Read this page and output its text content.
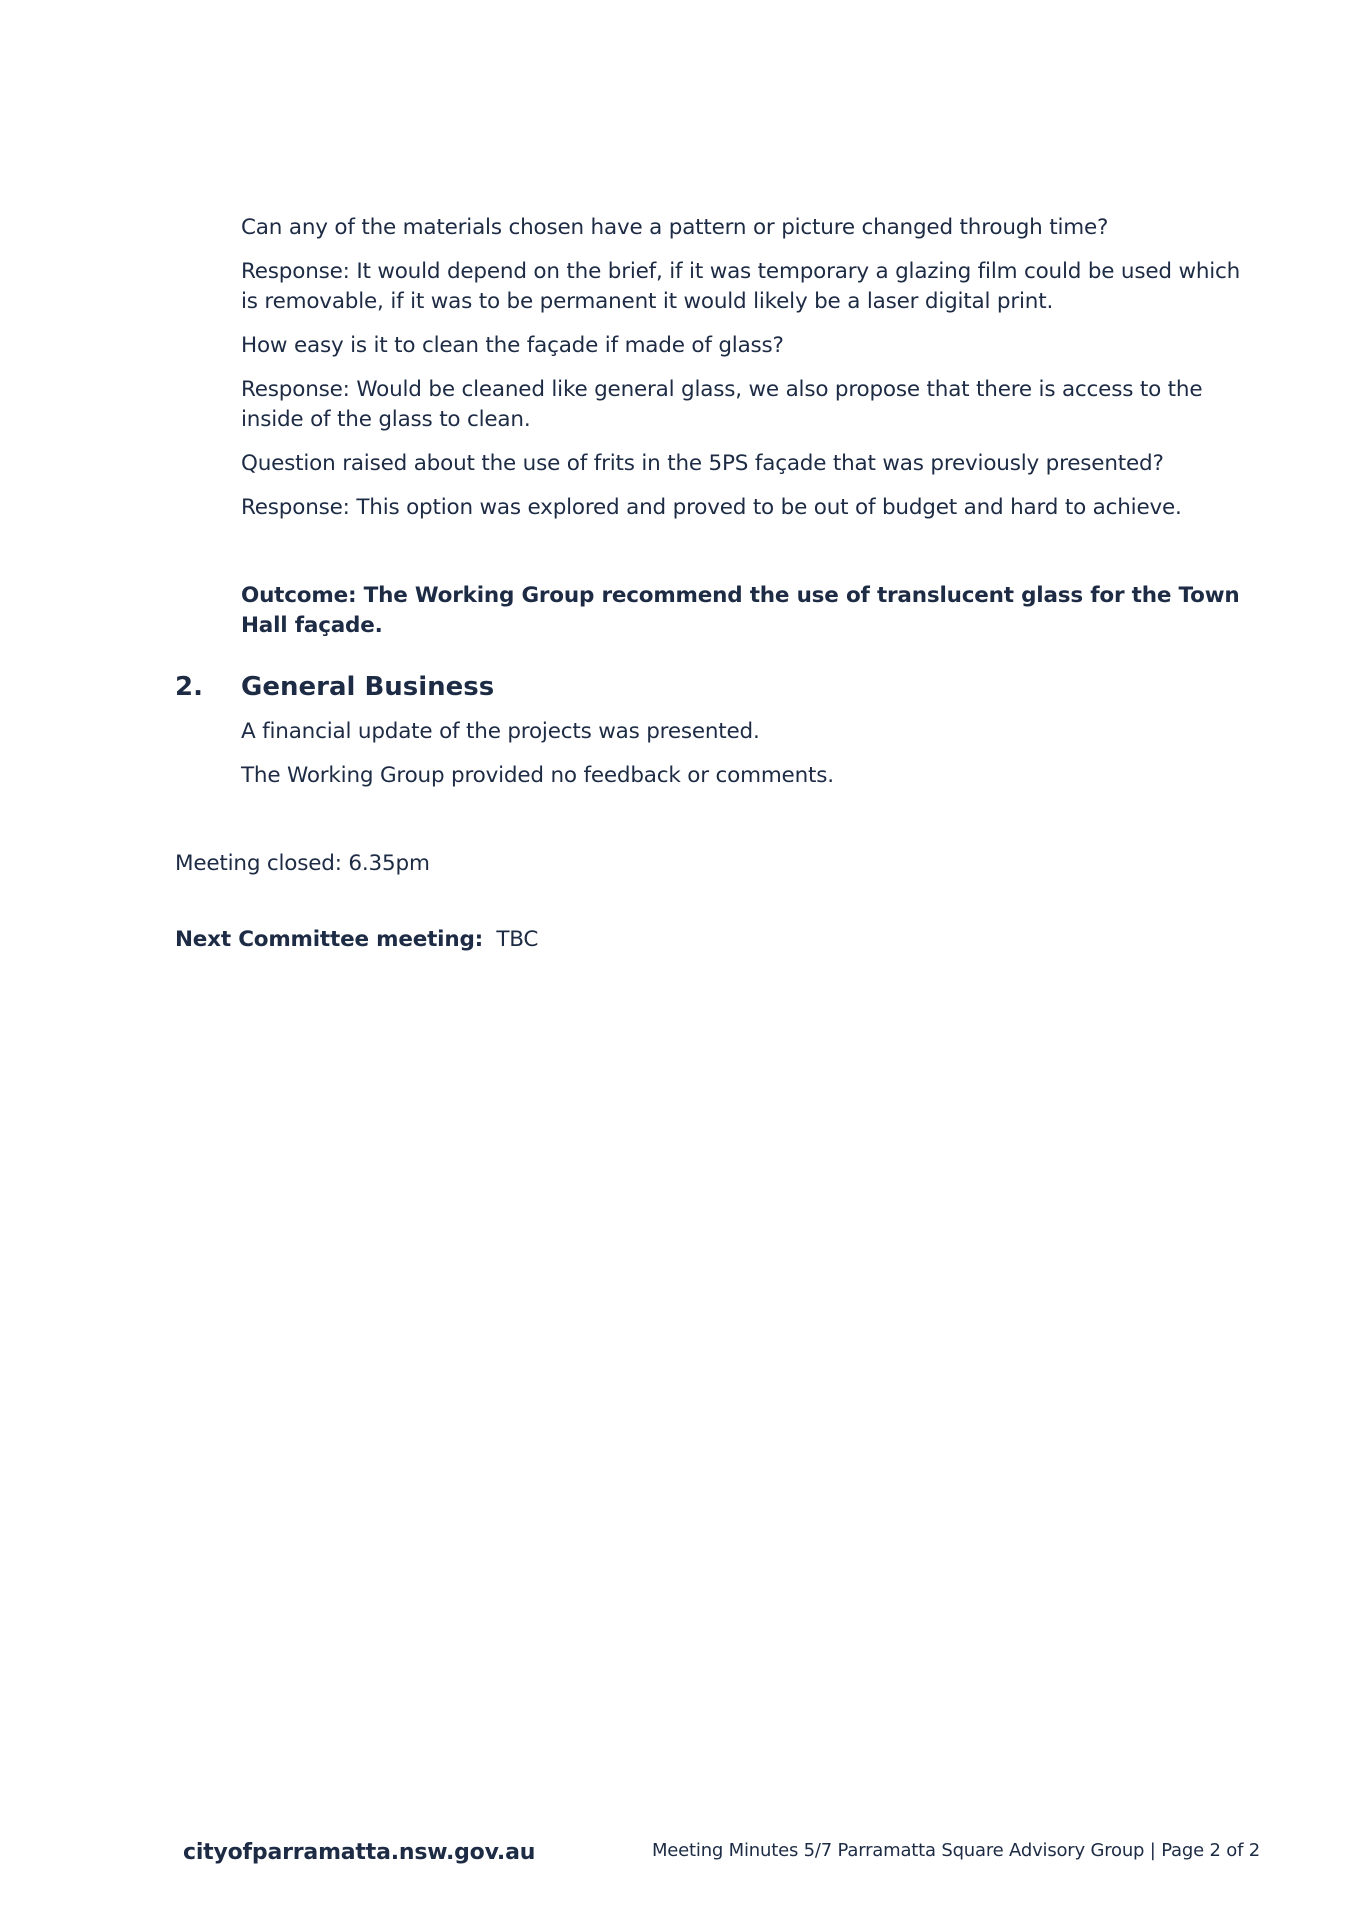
Can any of the materials chosen have a pattern or picture changed through time?

Response: It would depend on the brief, if it was temporary a glazing film could be used which is removable, if it was to be permanent it would likely be a laser digital print.

How easy is it to clean the façade if made of glass?

Response: Would be cleaned like general glass, we also propose that there is access to the inside of the glass to clean.

Question raised about the use of frits in the 5PS façade that was previously presented?

Response: This option was explored and proved to be out of budget and hard to achieve.

Outcome: The Working Group recommend the use of translucent glass for the Town Hall façade.

2. General Business

A financial update of the projects was presented.

The Working Group provided no feedback or comments.

Meeting closed: 6.35pm
Next Committee meeting: TBC
cityofparramatta.nsw.gov.au	Meeting Minutes 5/7 Parramatta Square Advisory Group | Page 2 of 2
